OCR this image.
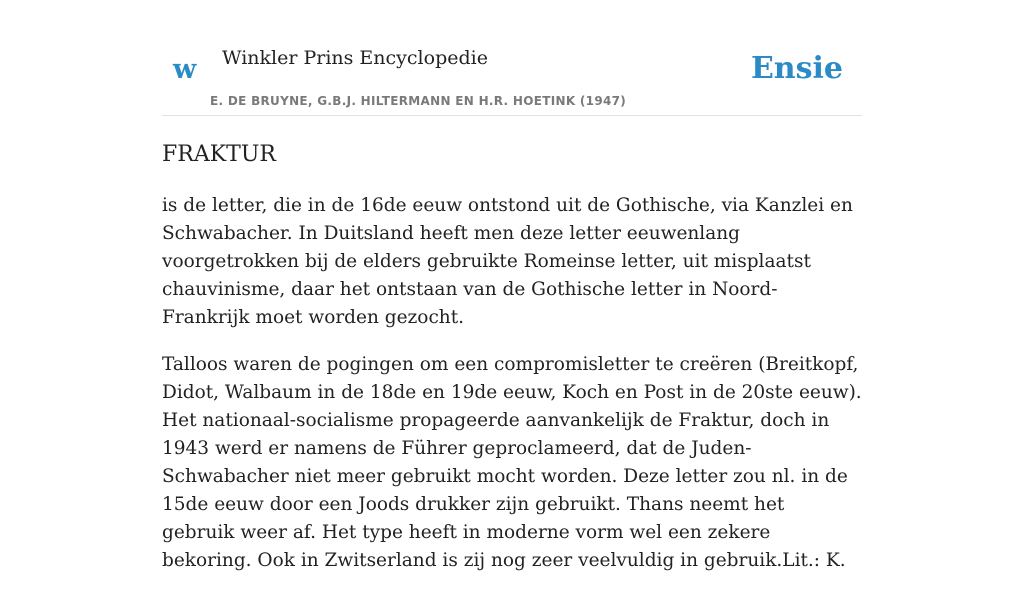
w Winkler Prins Encyclopedie
E. DE BRUYNE, G.B.J. HILTERMANN EN H.R. HOETINK (1947)
Ensie
FRAKTUR

is de letter, die in de 16de eeuw ontstond uit de Gothische, via Kanzlei en Schwabacher. In Duitsland heeft men deze letter eeuwenlang voorgetrokken bij de elders gebruikte Romeinse letter, uit misplaatst chauvinisme, daar het ontstaan van de Gothische letter in Noord-Frankrijk moet worden gezocht.

Talloos waren de pogingen om een compromisletter te creëren (Breitkopf, Didot, Walbaum in de 18de en 19de eeuw, Koch en Post in de 20ste eeuw). Het nationaal-socialisme propageerde aanvankelijk de Fraktur, doch in 1943 werd er namens de Führer geproclameerd, dat de Juden-Schwabacher niet meer gebruikt mocht worden. Deze letter zou nl. in de 15de eeuw door een Joods drukker zijn gebruikt. Thans neemt het gebruik weer af. Het type heeft in moderne vorm wel een zekere bekoring. Ook in Zwitserland is zij nog zeer veelvuldig in gebruik.Lit.: K.
